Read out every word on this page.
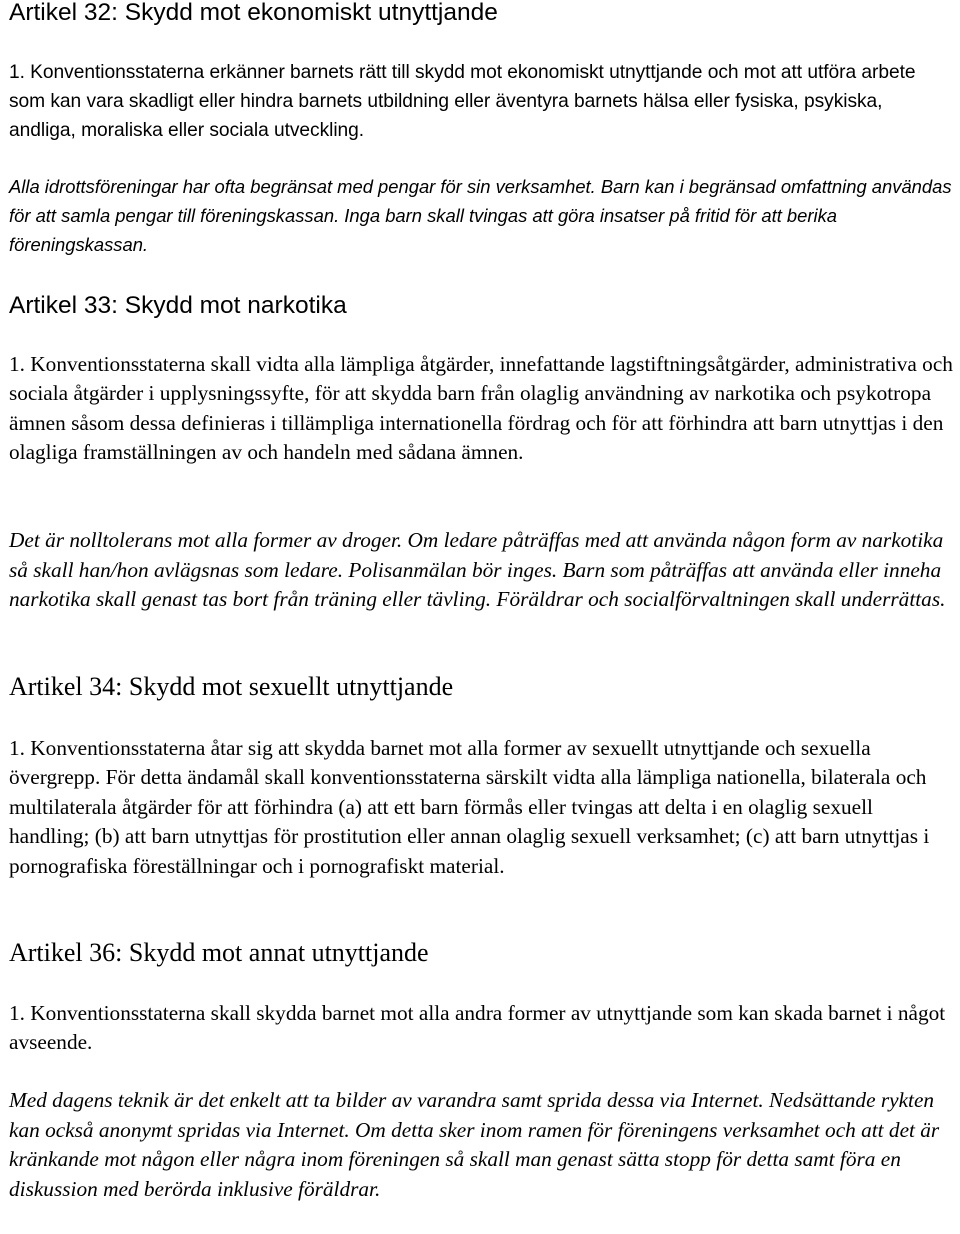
Artikel 32: Skydd mot ekonomiskt utnyttjande

1. Konventionsstaterna erkänner barnets rätt till skydd mot ekonomiskt utnyttjande och mot att utföra arbete som kan vara skadligt eller hindra barnets utbildning eller äventyra barnets hälsa eller fysiska, psykiska, andliga, moraliska eller sociala utveckling.

Alla idrottsföreningar har ofta begränsat med pengar för sin verksamhet. Barn kan i begränsad omfattning användas för att samla pengar till föreningskassan. Inga barn skall tvingas att göra insatser på fritid för att berika föreningskassan.

Artikel 33: Skydd mot narkotika

1. Konventionsstaterna skall vidta alla lämpliga åtgärder, innefattande lagstiftningsåtgärder, administrativa och sociala åtgärder i upplysningssyfte, för att skydda barn från olaglig användning av narkotika och psykotropa ämnen såsom dessa definieras i tillämpliga internationella fördrag och för att förhindra att barn utnyttjas i den olagliga framställningen av och handeln med sådana ämnen.

Det är nolltolerans mot alla former av droger. Om ledare påträffas med att använda någon form av narkotika så skall han/hon avlägsnas som ledare. Polisanmälan bör inges. Barn som påträffas att använda eller inneha narkotika skall genast tas bort från träning eller tävling. Föräldrar och socialförvaltningen skall underrättas.

Artikel 34: Skydd mot sexuellt utnyttjande

1. Konventionsstaterna åtar sig att skydda barnet mot alla former av sexuellt utnyttjande och sexuella övergrepp. För detta ändamål skall konventionsstaterna särskilt vidta alla lämpliga nationella, bilaterala och multilaterala åtgärder för att förhindra (a) att ett barn förmås eller tvingas att delta i en olaglig sexuell handling; (b) att barn utnyttjas för prostitution eller annan olaglig sexuell verksamhet; (c) att barn utnyttjas i pornografiska föreställningar och i pornografiskt material.

Artikel 36: Skydd mot annat utnyttjande

1. Konventionsstaterna skall skydda barnet mot alla andra former av utnyttjande som kan skada barnet i något avseende.

Med dagens teknik är det enkelt att ta bilder av varandra samt sprida dessa via Internet. Nedsättande rykten kan också anonymt spridas via Internet. Om detta sker inom ramen för föreningens verksamhet och att det är kränkande mot någon eller några inom föreningen så skall man genast sätta stopp för detta samt föra en diskussion med berörda inklusive föräldrar.
